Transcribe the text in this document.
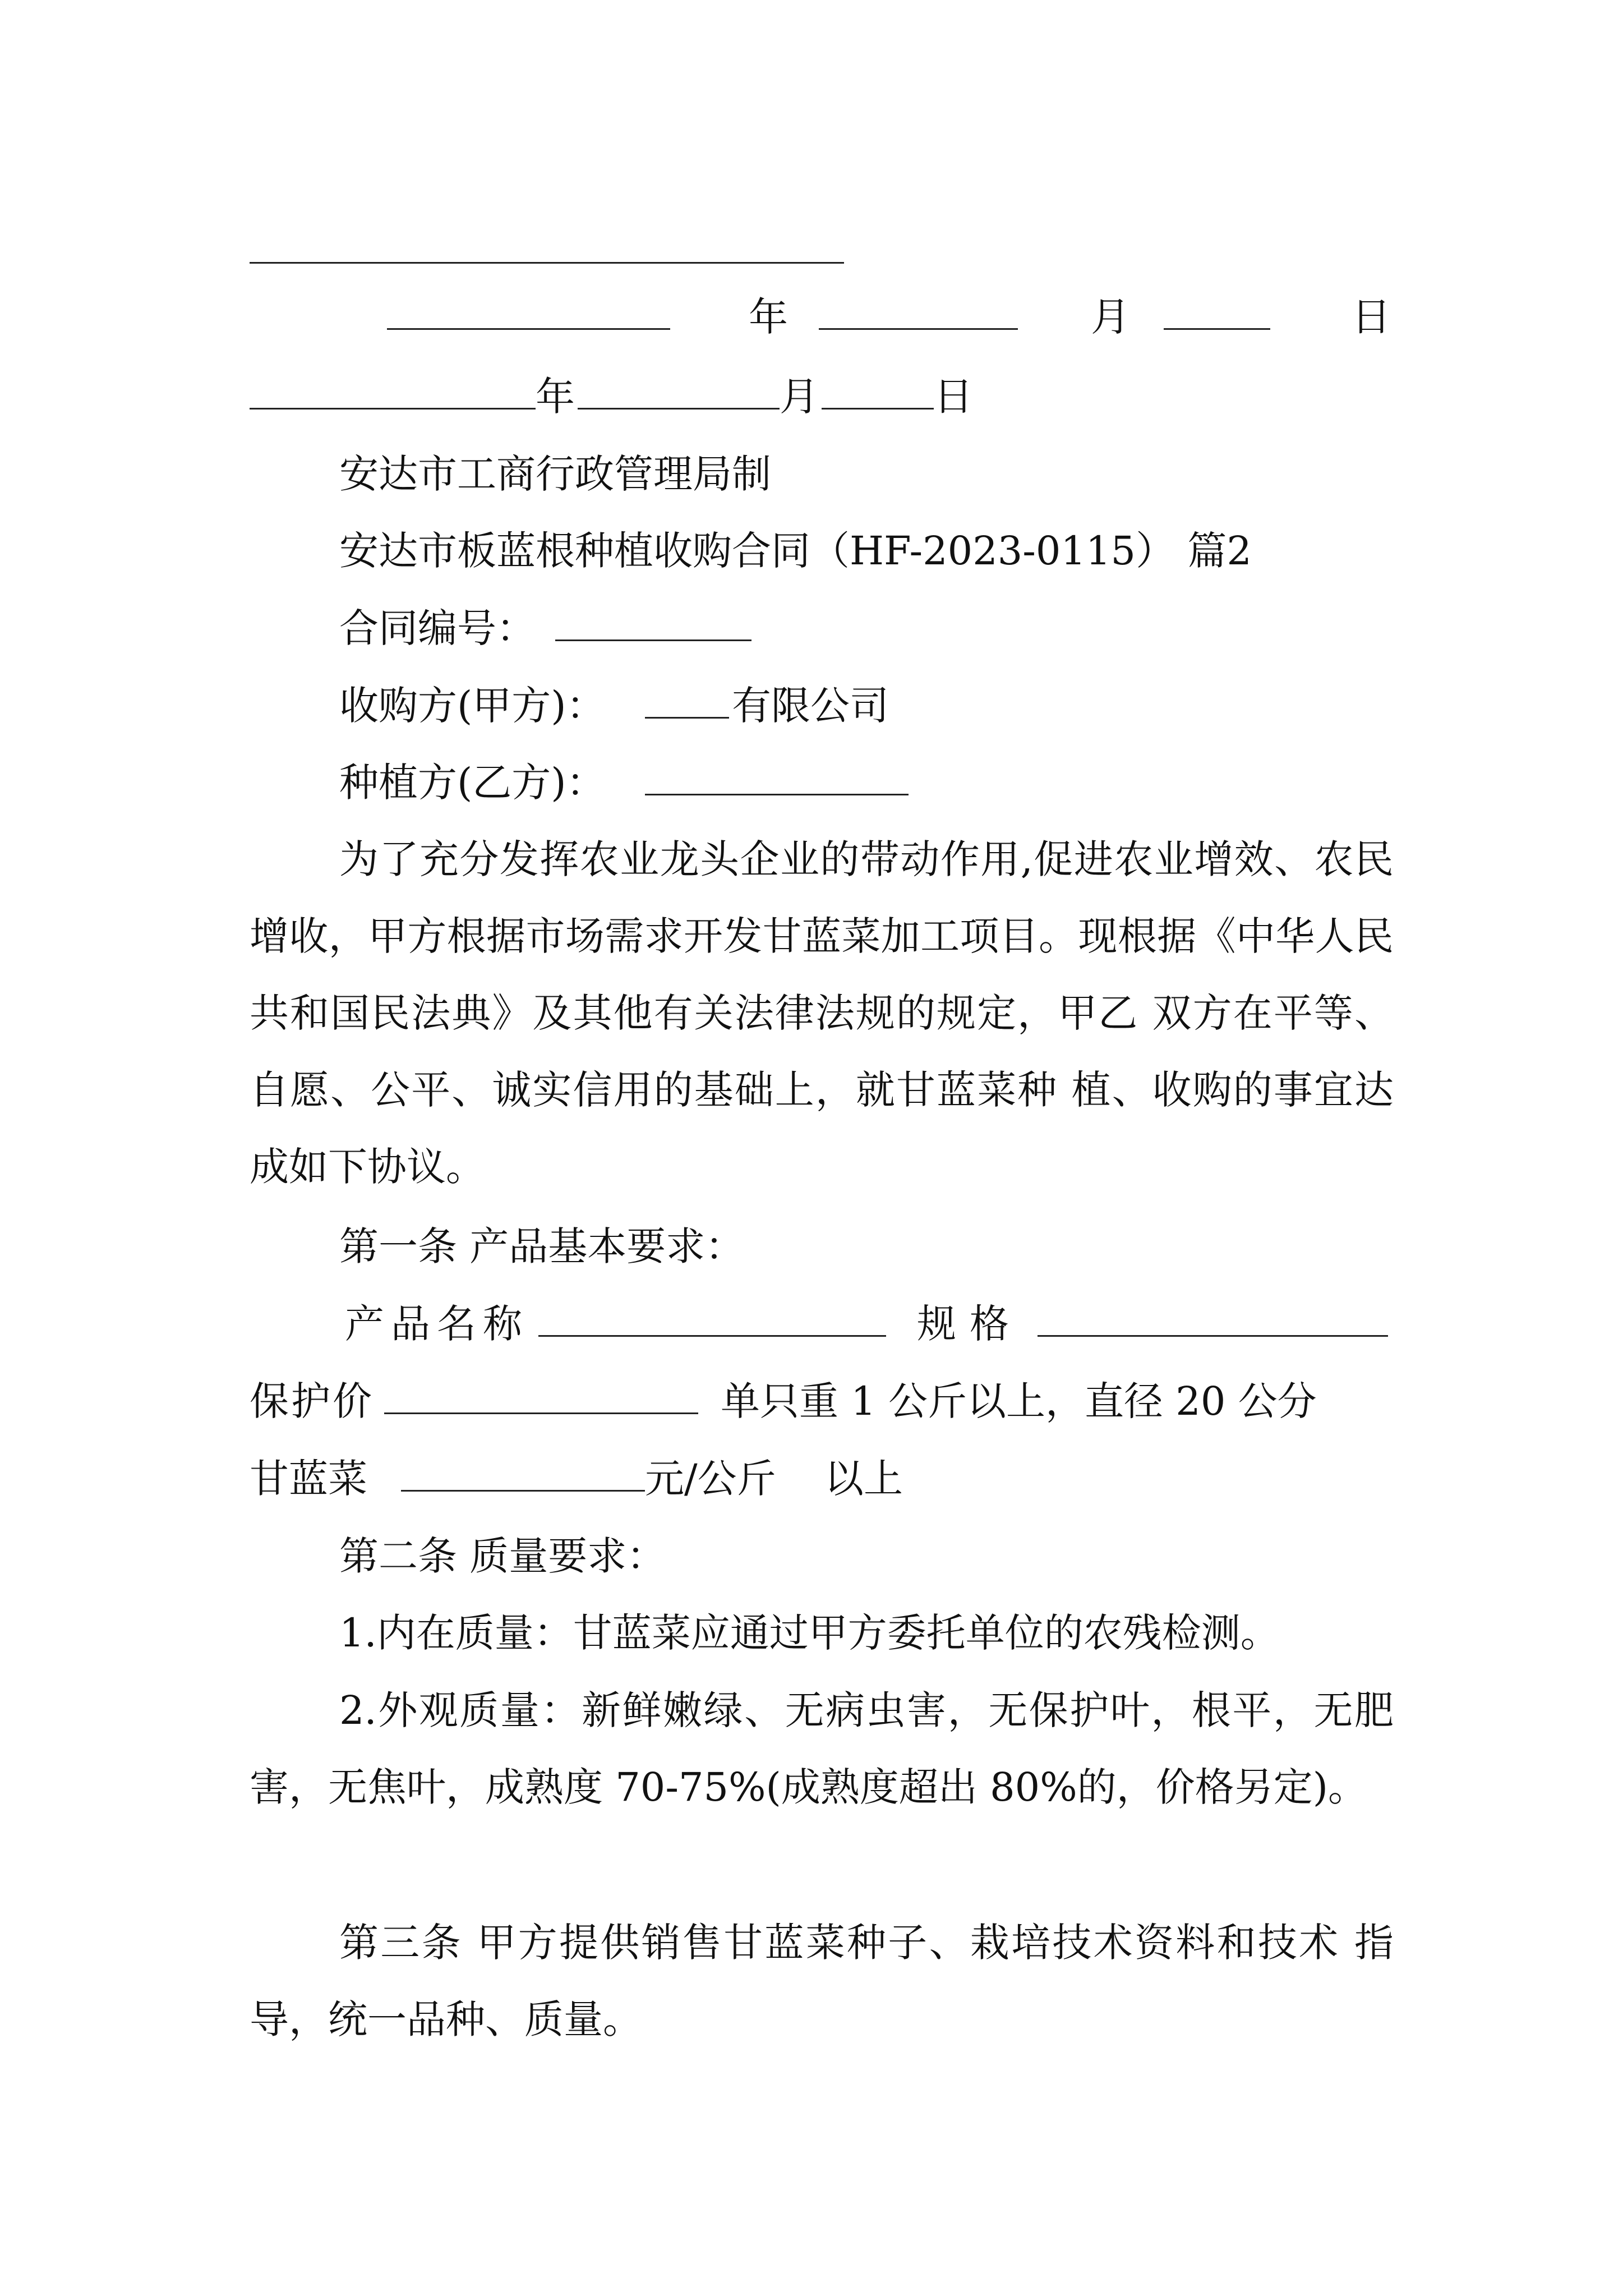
年	月	日
年	月	日
安达市工商行政管理局制
安达市板蓝根种植收购合同（HF-2023-0115） 篇2
合同编号：
收购方(甲方)：	有限公司
种植方(乙方)：
为了充分发挥农业龙头企业的带动作用,促进农业增效、农民增收，甲方根据市场需求开发甘蓝菜加工项目。现根据《中华人民共和国民法典》及其他有关法律法规的规定，甲乙 双方在平等、自愿、公平、诚实信用的基础上，就甘蓝菜种 植、收购的事宜达成如下协议。
第一条 产品基本要求：
产品名称	规格
保护价	单只重 1 公斤以上，直径 20 公分
甘蓝菜	元/公斤 以上
第二条 质量要求：
1.内在质量：甘蓝菜应通过甲方委托单位的农残检测。
2.外观质量：新鲜嫩绿、无病虫害，无保护叶，根平，无肥害，无焦叶，成熟度 70-75%(成熟度超出 80%的，价格另定)。
第三条 甲方提供销售甘蓝菜种子、栽培技术资料和技术 指导，统一品种、质量。
